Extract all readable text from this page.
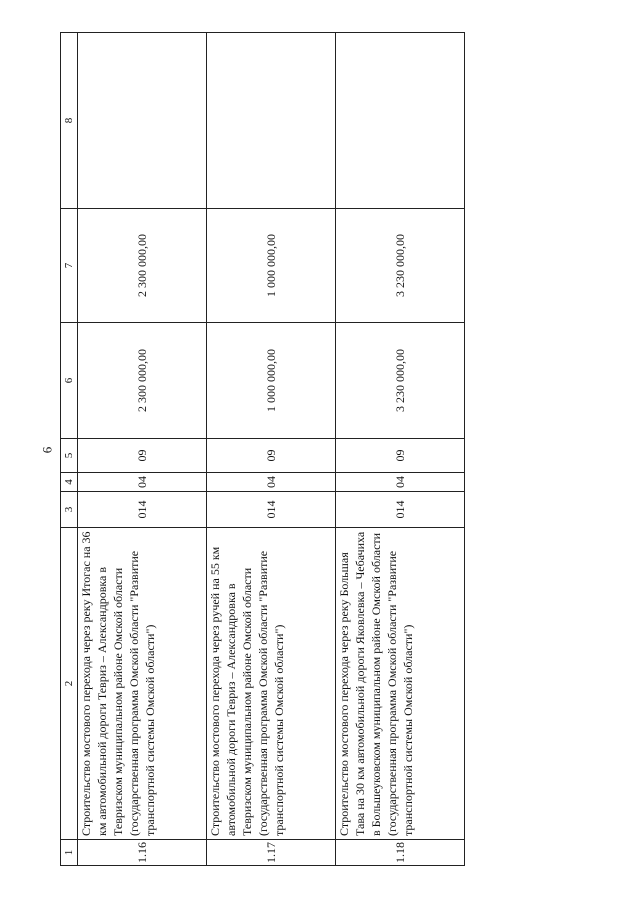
6
1	2	3	4	5	6	7	8
1.16	Строительство мостового перехода через реку Итогас на 36 км автомобильной дороги Тевриз – Александровка в Тевризском муниципальном районе Омской области (государственная программа Омской области "Развитие транспортной системы Омской области")	014	04	09	2 300 000,00	2 300 000,00	
1.17	Строительство мостового перехода через ручей на 55 км автомобильной дороги Тевриз – Александровка в Тевризском муниципальном районе Омской области (государственная программа Омской области "Развитие транспортной системы Омской области")	014	04	09	1 000 000,00	1 000 000,00	
1.18	Строительство мостового перехода через реку Большая Тава на 30 км автомобильной дороги Яковлевка – Чебачиха в Большеуковском муниципальном районе Омской области (государственная программа Омской области "Развитие транспортной системы Омской области")	014	04	09	3 230 000,00	3 230 000,00	
